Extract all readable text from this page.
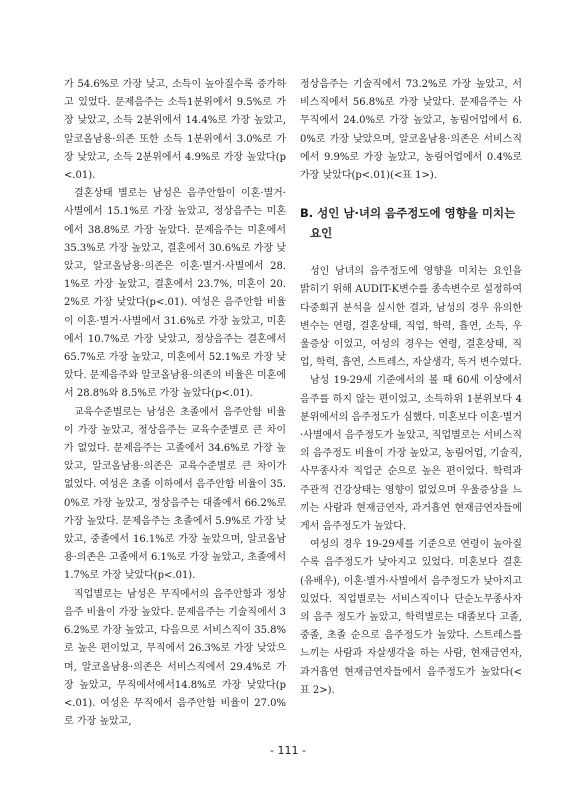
가 54.6%로 가장 낮고, 소득이 높아질수록 증가하고 있었다. 문제음주는 소득1분위에서 9.5%로 가장 낮았고, 소득 2분위에서 14.4%로 가장 높았고, 알코올남용·의존 또한 소득 1분위에서 3.0%로 가장 낮았고, 소득 2분위에서 4.9%로 가장 높았다(p<.01).

결혼상태 별로는 남성은 음주안함이 이혼·별거·사별에서 15.1%로 가장 높았고, 정상음주는 미혼에서 38.8%로 가장 높았다. 문제음주는 미혼에서 35.3%로 가장 높았고, 결혼에서 30.6%로 가장 낮았고, 알코올남용·의존은 이혼·별거·사별에서 28.1%로 가장 높았고, 결혼에서 23.7%, 미혼이 20.2%로 가장 낮았다(p<.01). 여성은 음주안함 비율이 이혼·별거·사별에서 31.6%로 가장 높았고, 미혼에서 10.7%로 가장 낮았고, 정상음주는 결혼에서 65.7%로 가장 높았고, 미혼에서 52.1%로 가장 낮았다. 문제음주와 알코올남용·의존의 비율은 미혼에서 28.8%와 8.5%로 가장 높았다(p<.01).

교육수준별로는 남성은 초졸에서 음주안함 비율이 가장 높았고, 정상음주는 교육수준별로 큰 차이가 없었다. 문제음주는 고졸에서 34.6%로 가장 높았고, 알코올남용·의존은 교육수준별로 큰 차이가 없었다. 여성은 초졸 이하에서 음주안함 비율이 35.0%로 가장 높았고, 정상음주는 대졸에서 66.2%로 가장 높았다. 문제음주는 초졸에서 5.9%로 가장 낮았고, 중졸에서 16.1%로 가장 높았으며, 알코올남용·의존은 고졸에서 6.1%로 가장 높았고, 초졸에서 1.7%로 가장 낮았다(p<.01).

직업별로는 남성은 무직에서의 음주안함과 정상음주 비율이 가장 높았다. 문제음주는 기술직에서 36.2%로 가장 높았고, 다음으로 서비스직이 35.8%로 높은 편이었고, 무직에서 26.3%로 가장 낮았으며, 알코올남용·의존은 서비스직에서 29.4%로 가장 높았고, 무직에서에서14.8%로 가장 낮았다(p<.01). 여성은 무직에서 음주안함 비율이 27.0%로 가장 높았고,

정상음주는 기술직에서 73.2%로 가장 높았고, 서비스직에서 56.8%로 가장 낮았다. 문제음주는 사무직에서 24.0%로 가장 높았고, 농림어업에서 6.0%로 가장 낮았으며, 알코올남용·의존은 서비스직에서 9.9%로 가장 높았고, 농림어업에서 0.4%로 가장 낮았다(p<.01)(<표 1>).

B. 성인 남·녀의 음주정도에 영향을 미치는 요인

성인 남녀의 음주정도에 영향을 미치는 요인을 밝히기 위해 AUDIT-K변수를 종속변수로 설정하여 다중회귀 분석을 실시한 결과, 남성의 경우 유의한 변수는 연령, 결혼상태, 직업, 학력, 흡연, 소득, 우울증상 이었고, 여성의 경우는 연령, 결혼상태, 직업, 학력, 흡연, 스트레스, 자살생각, 독거 변수였다.

남성 19-29세 기준에서의 볼 때 60세 이상에서 음주를 하지 않는 편이었고, 소득하위 1분위보다 4분위에서의 음주정도가 심했다. 미혼보다 이혼·별거·사별에서 음주정도가 높았고, 직업별로는 서비스직의 음주정도 비율이 가장 높았고, 농림어업, 기술직, 사무종사자 직업군 순으로 높은 편이었다. 학력과 주관적 건강상태는 영향이 없었으며 우울증상을 느끼는 사람과 현재금연자, 과거흡연 현재금연자들에게서 음주정도가 높았다.

여성의 경우 19-29세를 기준으로 연령이 높아질수록 음주정도가 낮아지고 있었다. 미혼보다 결혼(유배우), 이혼·별거·사별에서 음주정도가 낮아지고 있었다. 직업별로는 서비스직이나 단순노무종사자의 음주 정도가 높았고, 학력별로는 대졸보다 고졸, 중졸, 초졸 순으로 음주정도가 높았다. 스트레스를 느끼는 사람과 자살생각을 하는 사람, 현재금연자, 과거흡연 현재금연자들에서 음주정도가 높았다(<표 2>).

- 111 -
